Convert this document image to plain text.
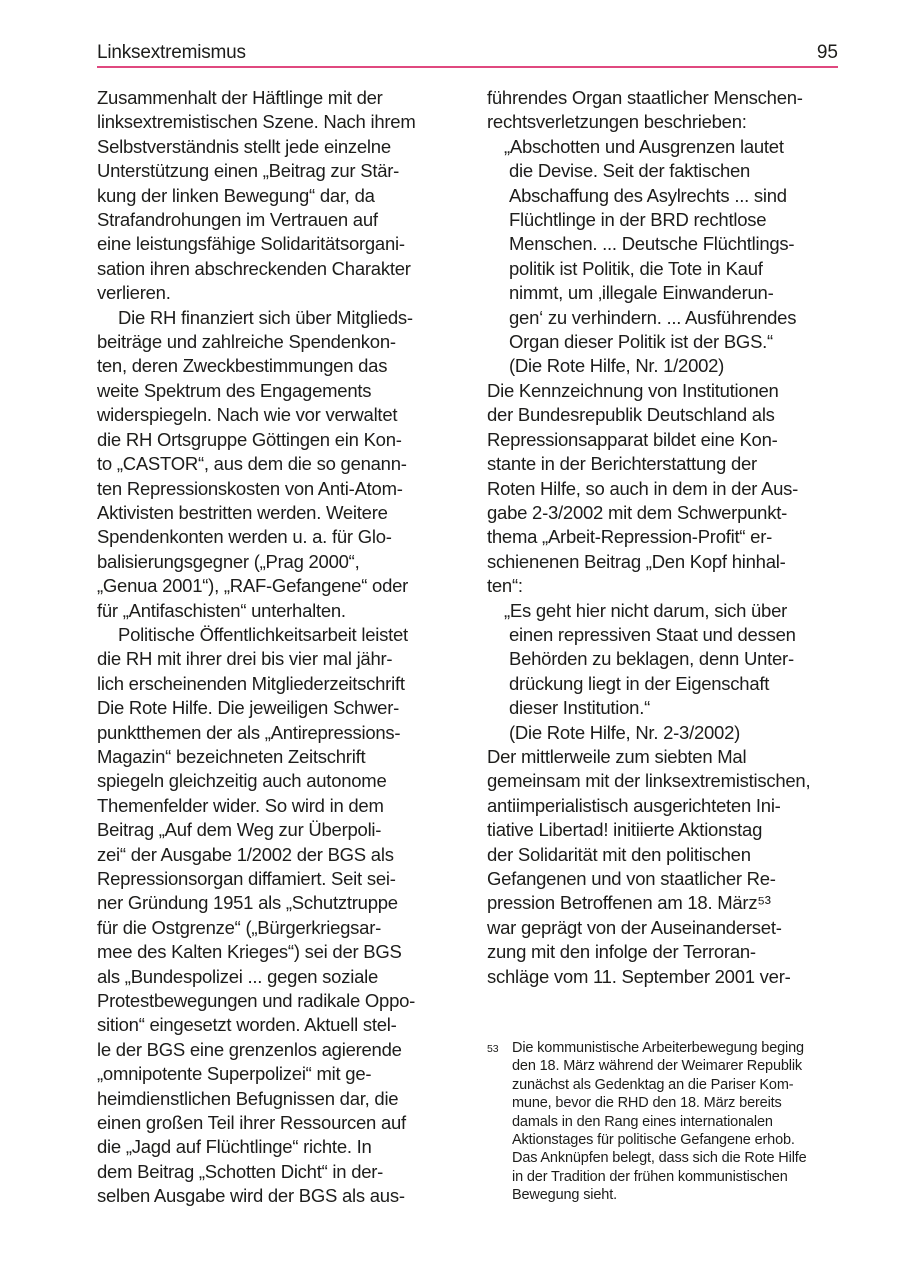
Linksextremismus	95
Zusammenhalt der Häftlinge mit der
linksextremistischen Szene. Nach ihrem
Selbstverständnis stellt jede einzelne
Unterstützung einen „Beitrag zur Stär-
kung der linken Bewegung“ dar, da
Strafandrohungen im Vertrauen auf
eine leistungsfähige Solidaritätsorgani-
sation ihren abschreckenden Charakter
verlieren.
Die RH finanziert sich über Mitglieds-
beiträge und zahlreiche Spendenkon-
ten, deren Zweckbestimmungen das
weite Spektrum des Engagements
widerspiegeln. Nach wie vor verwaltet
die RH Ortsgruppe Göttingen ein Kon-
to „CASTOR“, aus dem die so genann-
ten Repressionskosten von Anti-Atom-
Aktivisten bestritten werden. Weitere
Spendenkonten werden u. a. für Glo-
balisierungsgegner („Prag 2000“,
„Genua 2001“), „RAF-Gefangene“ oder
für „Antifaschisten“ unterhalten.
Politische Öffentlichkeitsarbeit leistet
die RH mit ihrer drei bis vier mal jähr-
lich erscheinenden Mitgliederzeitschrift
Die Rote Hilfe. Die jeweiligen Schwer-
punktthemen der als „Antirepressions-
Magazin“ bezeichneten Zeitschrift
spiegeln gleichzeitig auch autonome
Themenfelder wider. So wird in dem
Beitrag „Auf dem Weg zur Überpoli-
zei“ der Ausgabe 1/2002 der BGS als
Repressionsorgan diffamiert. Seit sei-
ner Gründung 1951 als „Schutztruppe
für die Ostgrenze“ („Bürgerkriegsar-
mee des Kalten Krieges“) sei der BGS
als „Bundespolizei ... gegen soziale
Protestbewegungen und radikale Oppo-
sition“ eingesetzt worden. Aktuell stel-
le der BGS eine grenzenlos agierende
„omnipotente Superpolizei“ mit ge-
heimdienstlichen Befugnissen dar, die
einen großen Teil ihrer Ressourcen auf
die „Jagd auf Flüchtlinge“ richte. In
dem Beitrag „Schotten Dicht“ in der-
selben Ausgabe wird der BGS als aus-
führendes Organ staatlicher Menschen-
rechtsverletzungen beschrieben:
„Abschotten und Ausgrenzen lautet
die Devise. Seit der faktischen
Abschaffung des Asylrechts ... sind
Flüchtlinge in der BRD rechtlose
Menschen. ... Deutsche Flüchtlings-
politik ist Politik, die Tote in Kauf
nimmt, um ‚illegale Einwanderun-
gen‘ zu verhindern. ... Ausführendes
Organ dieser Politik ist der BGS.“
(Die Rote Hilfe, Nr. 1/2002)
Die Kennzeichnung von Institutionen
der Bundesrepublik Deutschland als
Repressionsapparat bildet eine Kon-
stante in der Berichterstattung der
Roten Hilfe, so auch in dem in der Aus-
gabe 2-3/2002 mit dem Schwerpunkt-
thema „Arbeit-Repression-Profit“ er-
schienenen Beitrag „Den Kopf hinhal-
ten“:
„Es geht hier nicht darum, sich über
einen repressiven Staat und dessen
Behörden zu beklagen, denn Unter-
drückung liegt in der Eigenschaft
dieser Institution.“
(Die Rote Hilfe, Nr. 2-3/2002)
Der mittlerweile zum siebten Mal
gemeinsam mit der linksextremistischen,
antiimperialistisch ausgerichteten Ini-
tiative Libertad! initiierte Aktionstag
der Solidarität mit den politischen
Gefangenen und von staatlicher Re-
pression Betroffenen am 18. März⁵³
war geprägt von der Auseinanderset-
zung mit den infolge der Terroran-
schläge vom 11. September 2001 ver-
53 Die kommunistische Arbeiterbewegung beging
den 18. März während der Weimarer Republik
zunächst als Gedenktag an die Pariser Kom-
mune, bevor die RHD den 18. März bereits
damals in den Rang eines internationalen
Aktionstages für politische Gefangene erhob.
Das Anknüpfen belegt, dass sich die Rote Hilfe
in der Tradition der frühen kommunistischen
Bewegung sieht.
